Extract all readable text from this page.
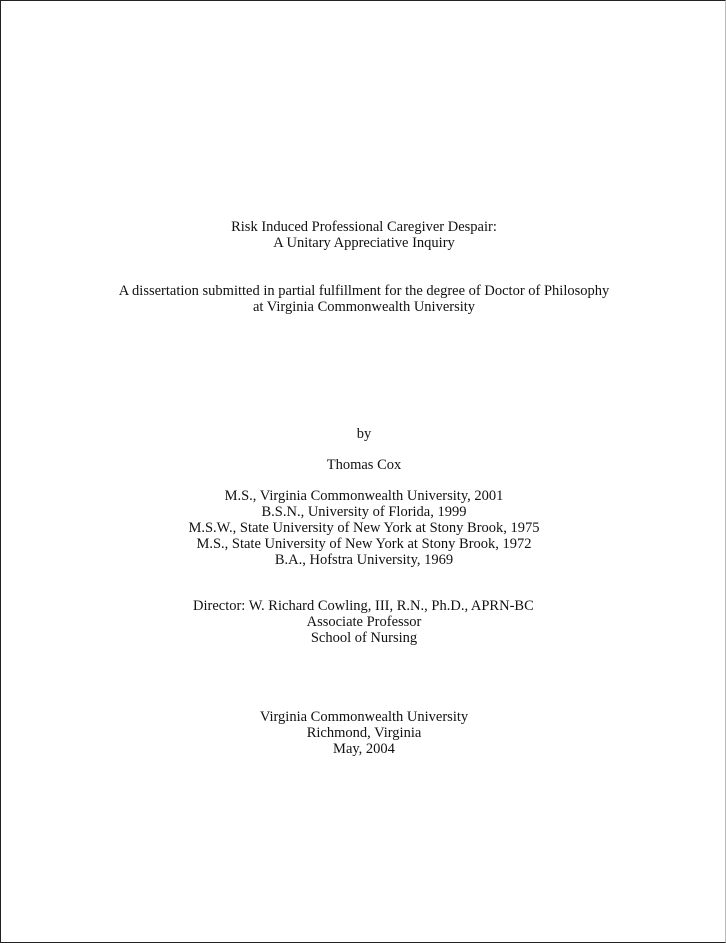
Risk Induced Professional Caregiver Despair:
A Unitary Appreciative Inquiry
A dissertation submitted in partial fulfillment for the degree of Doctor of Philosophy
at Virginia Commonwealth University
by
Thomas Cox
M.S., Virginia Commonwealth University, 2001
B.S.N., University of Florida, 1999
M.S.W., State University of New York at Stony Brook, 1975
M.S., State University of New York at Stony Brook, 1972
B.A., Hofstra University, 1969
Director: W. Richard Cowling, III, R.N., Ph.D., APRN-BC
Associate Professor
School of Nursing
Virginia Commonwealth University
Richmond, Virginia
May, 2004
